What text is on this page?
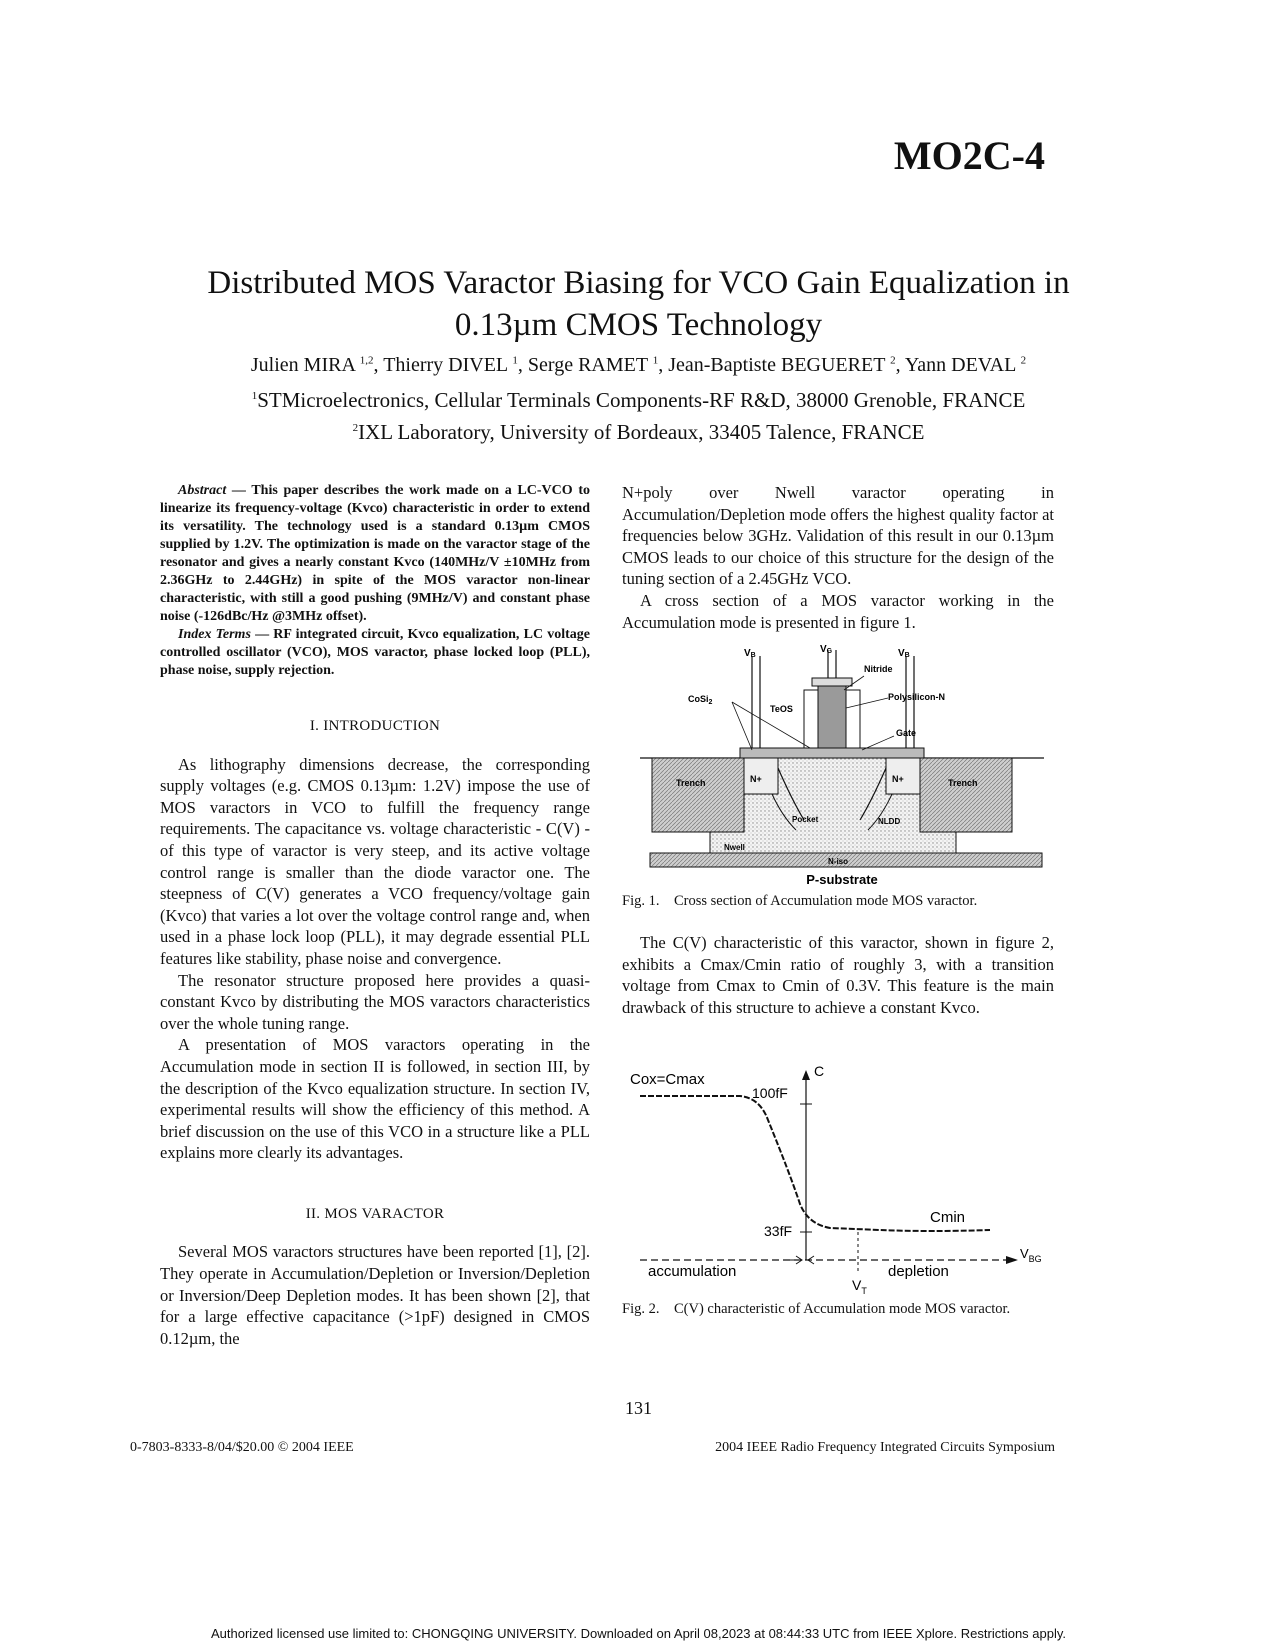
MO2C-4
Distributed MOS Varactor Biasing for VCO Gain Equalization in
0.13µm CMOS Technology
Julien MIRA $^{1,2}$, Thierry DIVEL $^1$, Serge RAMET $^1$, Jean-Baptiste BEGUERET $^2$, Yann DEVAL $^2$
$^1$STMicroelectronics, Cellular Terminals Components-RF R&D, 38000 Grenoble, FRANCE
$^2$IXL Laboratory, University of Bordeaux, 33405 Talence, FRANCE

Abstract — This paper describes the work made on a LC-VCO to linearize its frequency-voltage (Kvco) characteristic in order to extend its versatility. The technology used is a standard 0.13µm CMOS supplied by 1.2V. The optimization is made on the varactor stage of the resonator and gives a nearly constant Kvco (140MHz/V ±10MHz from 2.36GHz to 2.44GHz) in spite of the MOS varactor non-linear characteristic, with still a good pushing (9MHz/V) and constant phase noise (-126dBc/Hz @3MHz offset).

Index Terms — RF integrated circuit, Kvco equalization, LC voltage controlled oscillator (VCO), MOS varactor, phase locked loop (PLL), phase noise, supply rejection.

I. INTRODUCTION

As lithography dimensions decrease, the corresponding supply voltages (e.g. CMOS 0.13µm: 1.2V) impose the use of MOS varactors in VCO to fulfill the frequency range requirements. The capacitance vs. voltage characteristic - C(V) - of this type of varactor is very steep, and its active voltage control range is smaller than the diode varactor one. The steepness of C(V) generates a VCO frequency/voltage gain (Kvco) that varies a lot over the voltage control range and, when used in a phase lock loop (PLL), it may degrade essential PLL features like stability, phase noise and convergence.

The resonator structure proposed here provides a quasi-constant Kvco by distributing the MOS varactors characteristics over the whole tuning range.

A presentation of MOS varactors operating in the Accumulation mode in section II is followed, in section III, by the description of the Kvco equalization structure. In section IV, experimental results will show the efficiency of this method. A brief discussion on the use of this VCO in a structure like a PLL explains more clearly its advantages.

II. MOS VARACTOR

Several MOS varactors structures have been reported [1], [2]. They operate in Accumulation/Depletion or Inversion/Depletion or Inversion/Deep Depletion modes. It has been shown [2], that for a large effective capacitance (>1pF) designed in CMOS 0.12µm, the

N+poly over Nwell varactor operating in Accumulation/Depletion mode offers the highest quality factor at frequencies below 3GHz. Validation of this result in our 0.13µm CMOS leads to our choice of this structure for the design of the tuning section of a 2.45GHz VCO.

A cross section of a MOS varactor working in the Accumulation mode is presented in figure 1.

$V_B$
$V_G$	$V_B$
Nitride
CoSi$_2$
TeOS
Polysilicon-N
Gate
Trench	Trench
N+	N+
Pocket	NLDD
Nwell
N-iso
P-substrate
Fig. 1. Cross section of Accumulation mode MOS varactor.

The C(V) characteristic of this varactor, shown in figure 2, exhibits a Cmax/Cmin ratio of roughly 3, with a transition voltage from Cmax to Cmin of 0.3V. This feature is the main drawback of this structure to achieve a constant Kvco.

Cox=Cmax	C
100fF
33fF
Cmin
$V_{BG}$
accumulation	depletion
$V_T$
Fig. 2. C(V) characteristic of Accumulation mode MOS varactor.
131
0-7803-8333-8/04/$20.00 © 2004 IEEE	2004 IEEE Radio Frequency Integrated Circuits Symposium
Authorized licensed use limited to: CHONGQING UNIVERSITY. Downloaded on April 08,2023 at 08:44:33 UTC from IEEE Xplore. Restrictions apply.
